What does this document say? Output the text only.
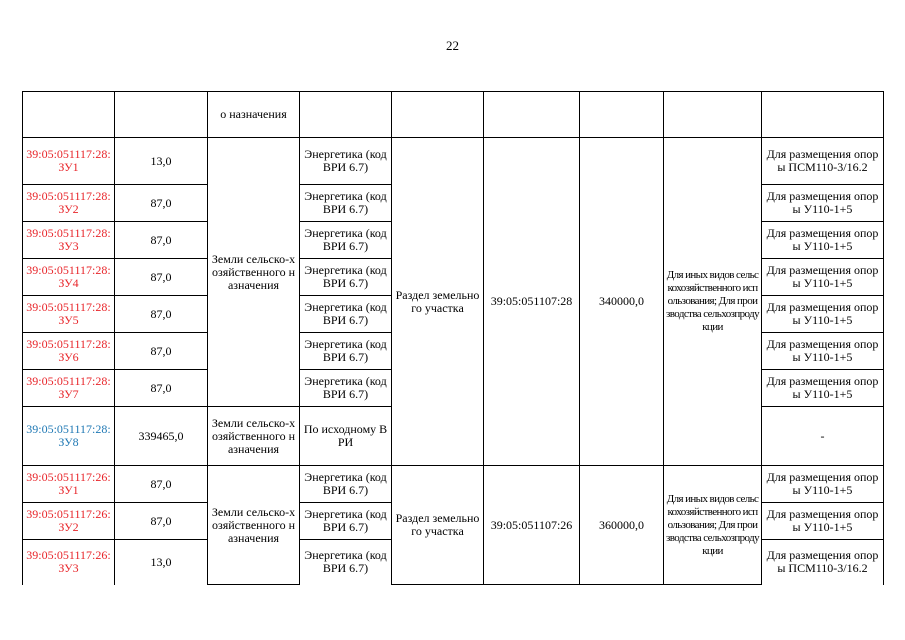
22
		о назначения						
39:05:051117:28:ЗУ1	13,0	Земли сельско-хозяйственного назначения	Энергетика (код ВРИ 6.7)	Раздел земельного участка	39:05:051107:28	340000,0	Для иных видов сельскохозяйственного использования; Для производства сельхозпродукции	Для размещения опоры ПСМ110-3/16.2
39:05:051117:28:ЗУ2	87,0		Энергетика (код ВРИ 6.7)					Для размещения опоры У110-1+5
39:05:051117:28:ЗУ3	87,0		Энергетика (код ВРИ 6.7)					Для размещения опоры У110-1+5
39:05:051117:28:ЗУ4	87,0		Энергетика (код ВРИ 6.7)					Для размещения опоры У110-1+5
39:05:051117:28:ЗУ5	87,0		Энергетика (код ВРИ 6.7)					Для размещения опоры У110-1+5
39:05:051117:28:ЗУ6	87,0		Энергетика (код ВРИ 6.7)					Для размещения опоры У110-1+5
39:05:051117:28:ЗУ7	87,0		Энергетика (код ВРИ 6.7)					Для размещения опоры У110-1+5
39:05:051117:28:ЗУ8	339465,0	Земли сельско-хозяйственного назначения	По исходному ВРИ					-
39:05:051117:26:ЗУ1	87,0	Земли сельско-хозяйственного назначения	Энергетика (код ВРИ 6.7)	Раздел земельного участка	39:05:051107:26	360000,0	Для иных видов сельскохозяйственного использования; Для производства сельхозпродукции	Для размещения опоры У110-1+5
39:05:051117:26:ЗУ2	87,0		Энергетика (код ВРИ 6.7)					Для размещения опоры У110-1+5
39:05:051117:26:ЗУ3	13,0		Энергетика (код ВРИ 6.7)					Для размещения опоры ПСМ110-3/16.2
